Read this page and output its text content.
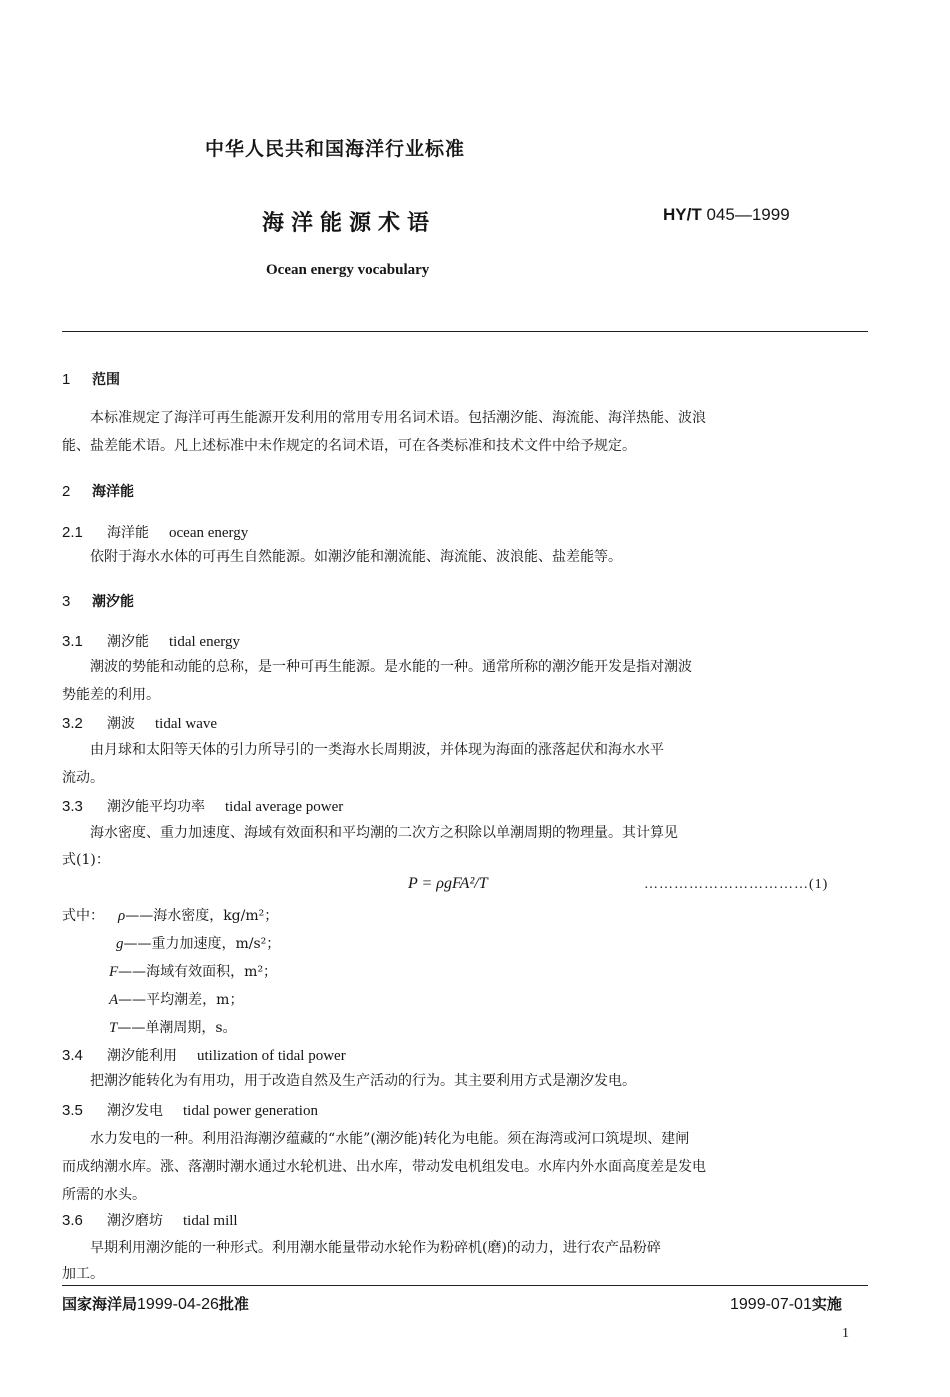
中华人民共和国海洋行业标准
海洋能源术语	HY/T 045—1999
Ocean energy vocabulary
1 范围
本标准规定了海洋可再生能源开发利用的常用专用名词术语。包括潮汐能、海流能、海洋热能、波浪
能、盐差能术语。凡上述标准中未作规定的名词术语，可在各类标准和技术文件中给予规定。
2 海洋能
2.1 海洋能 ocean energy
依附于海水水体的可再生自然能源。如潮汐能和潮流能、海流能、波浪能、盐差能等。
3 潮汐能
3.1 潮汐能 tidal energy
潮波的势能和动能的总称，是一种可再生能源。是水能的一种。通常所称的潮汐能开发是指对潮波
势能差的利用。
3.2 潮波 tidal wave
由月球和太阳等天体的引力所导引的一类海水长周期波，并体现为海面的涨落起伏和海水水平
流动。
3.3 潮汐能平均功率 tidal average power
海水密度、重力加速度、海域有效面积和平均潮的二次方之积除以单潮周期的物理量。其计算见
式(1)：
P = ρgFA²/T	……………………………(1)
式中： ρ——海水密度，kg/m²；
g——重力加速度，m/s²；
F——海域有效面积，m²；
A——平均潮差，m；
T——单潮周期，s。
3.4 潮汐能利用 utilization of tidal power
把潮汐能转化为有用功，用于改造自然及生产活动的行为。其主要利用方式是潮汐发电。
3.5 潮汐发电 tidal power generation
水力发电的一种。利用沿海潮汐蕴藏的“水能”(潮汐能)转化为电能。须在海湾或河口筑堤坝、建闸
而成纳潮水库。涨、落潮时潮水通过水轮机进、出水库，带动发电机组发电。水库内外水面高度差是发电
所需的水头。
3.6 潮汐磨坊 tidal mill
早期利用潮汐能的一种形式。利用潮水能量带动水轮作为粉碎机(磨)的动力，进行农产品粉碎
加工。
国家海洋局1999-04-26批准	1999-07-01实施
1
